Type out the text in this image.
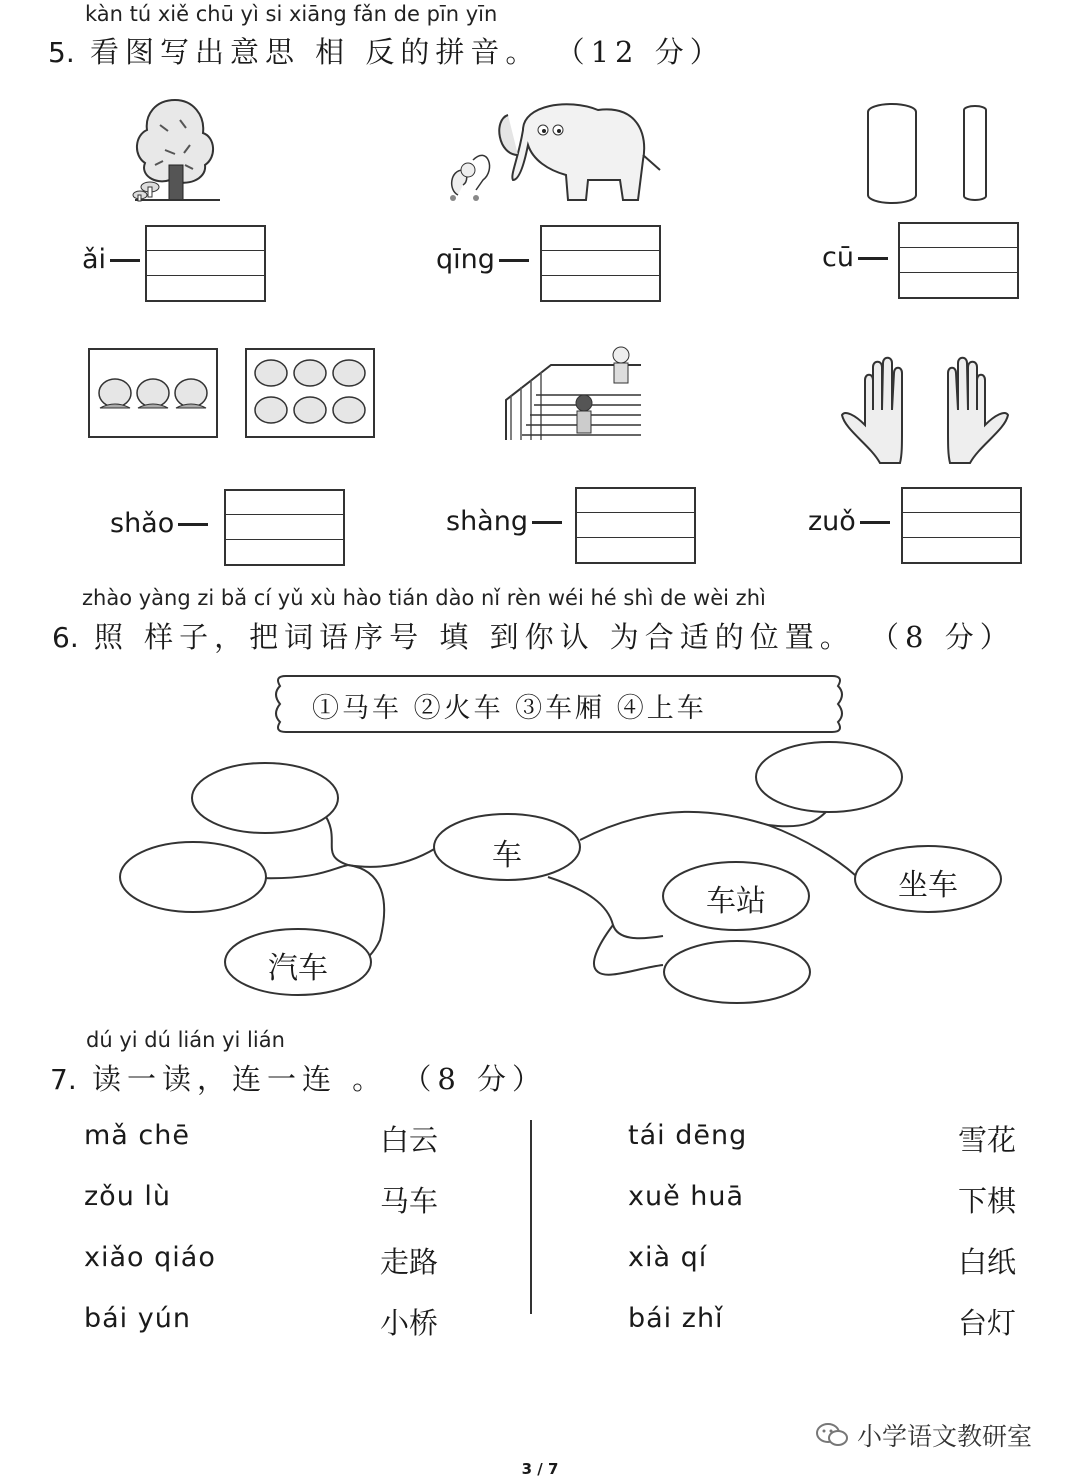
kàn tú xiě chū yì si xiāng fǎn de pīn yīn
5. 看图写出意思 相 反的拼音。 （12 分）
ǎi	qīng	cū
shǎo	shàng	zuǒ
zhào yàng zi bǎ cí yǔ xù hào tián dào nǐ rèn wéi hé shì de wèi zhì
6. 照 样子，把词语序号 填 到你认 为合适的位置。 （8 分）
①马车 ②火车 ③车厢 ④上车
车
车站	坐车
汽车
dú yi dú lián yi lián
7. 读一读，连一连 。 （8 分）
mǎ chē
zǒu lù
xiǎo qiáo
bái yún
白云
马车
走路
小桥
tái dēng
xuě huā
xià qí
bái zhǐ
雪花
下棋
白纸
台灯
小学语文教研室
3 / 7
